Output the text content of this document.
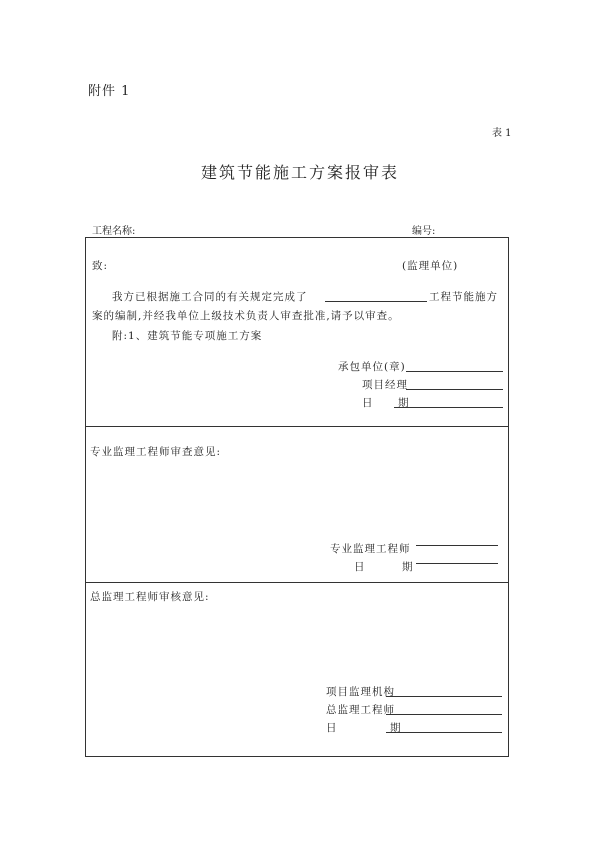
附件 1
表 1
建筑节能施工方案报审表
工程名称:	编号:
致:	(监理单位)
我方已根据施工合同的有关规定完成了	工程节能施方
案的编制,并经我单位上级技术负责人审查批准,请予以审查。
附:1、建筑节能专项施工方案
承包单位(章)
项目经理
日 期
专业监理工程师审查意见:
专业监理工程师
日	期
总监理工程师审核意见:
项目监理机构
总监理工程师
日	期
